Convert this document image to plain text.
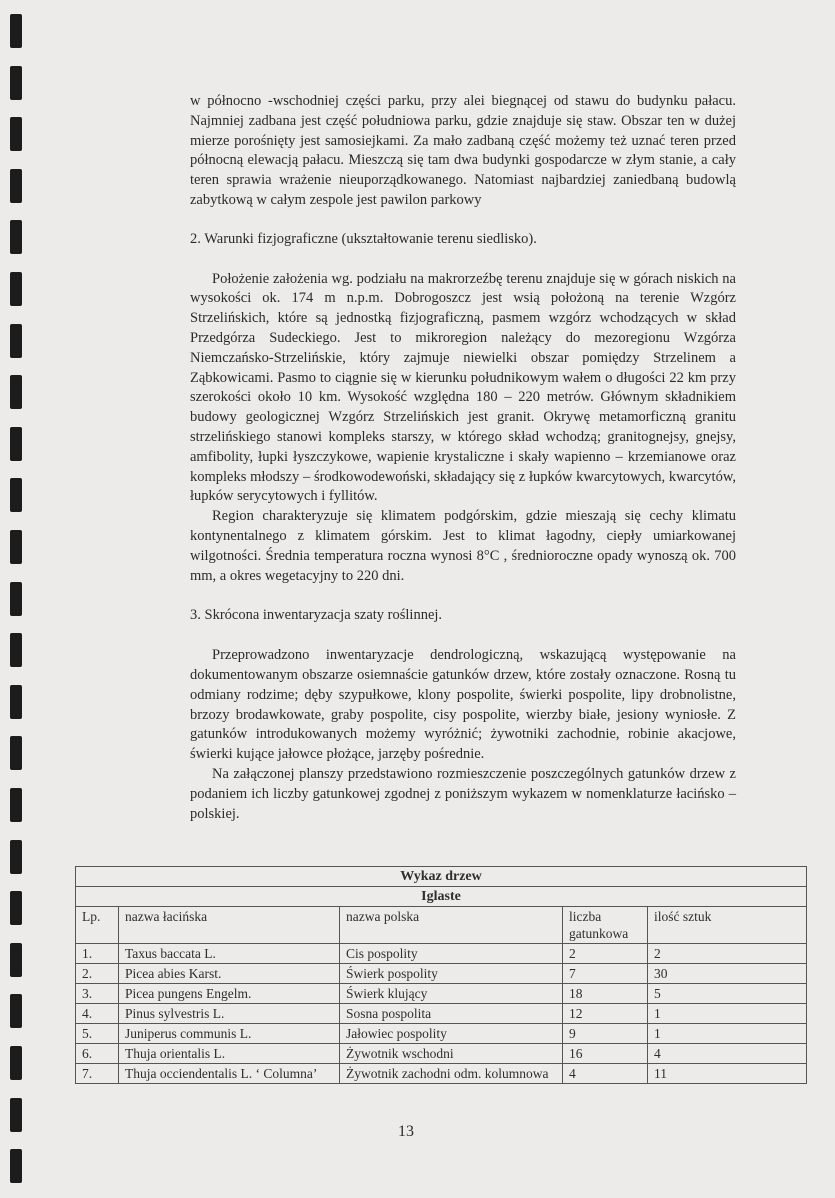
w północno -wschodniej części parku, przy alei biegnącej od stawu do budynku pałacu. Najmniej zadbana jest część południowa parku, gdzie znajduje się staw. Obszar ten w dużej mierze porośnięty jest samosiejkami. Za mało zadbaną część możemy też uznać teren przed północną elewacją pałacu. Mieszczą się tam dwa budynki gospodarcze w złym stanie, a cały teren sprawia wrażenie nieuporządkowanego. Natomiast najbardziej zaniedbaną budowlą zabytkową w całym zespole jest pawilon parkowy

2. Warunki fizjograficzne (ukształtowanie terenu siedlisko).

Położenie założenia wg. podziału na makrorzeźbę terenu znajduje się w górach niskich na wysokości ok. 174 m n.p.m. Dobrogoszcz jest wsią położoną na terenie Wzgórz Strzelińskich, które są jednostką fizjograficzną, pasmem wzgórz wchodzących w skład Przedgórza Sudeckiego. Jest to mikroregion należący do mezoregionu Wzgórza Niemczańsko-Strzelińskie, który zajmuje niewielki obszar pomiędzy Strzelinem a Ząbkowicami. Pasmo to ciągnie się w kierunku południkowym wałem o długości 22 km przy szerokości około 10 km. Wysokość względna 180 – 220 metrów. Głównym składnikiem budowy geologicznej Wzgórz Strzelińskich jest granit. Okrywę metamorficzną granitu strzelińskiego stanowi kompleks starszy, w którego skład wchodzą; granitognejsy, gnejsy, amfibolity, łupki łyszczykowe, wapienie krystaliczne i skały wapienno – krzemianowe oraz kompleks młodszy – środkowodewoński, składający się z łupków kwarcytowych, kwarcytów, łupków serycytowych i fyllitów.

Region charakteryzuje się klimatem podgórskim, gdzie mieszają się cechy klimatu kontynentalnego z klimatem górskim. Jest to klimat łagodny, ciepły umiarkowanej wilgotności. Średnia temperatura roczna wynosi 8°C , średnioroczne opady wynoszą ok. 700 mm, a okres wegetacyjny to 220 dni.

3. Skrócona inwentaryzacja szaty roślinnej.

Przeprowadzono inwentaryzacje dendrologiczną, wskazującą występowanie na dokumentowanym obszarze osiemnaście gatunków drzew, które zostały oznaczone. Rosną tu odmiany rodzime; dęby szypułkowe, klony pospolite, świerki pospolite, lipy drobnolistne, brzozy brodawkowate, graby pospolite, cisy pospolite, wierzby białe, jesiony wyniosłe. Z gatunków introdukowanych możemy wyróżnić; żywotniki zachodnie, robinie akacjowe, świerki kujące jałowce płożące, jarzęby pośrednie.

Na załączonej planszy przedstawiono rozmieszczenie poszczególnych gatunków drzew z podaniem ich liczby gatunkowej zgodnej z poniższym wykazem w nomenklaturze łacińsko – polskiej.

Wykaz drzew				
Iglaste				
Lp.	nazwa łacińska	nazwa polska	liczba gatunkowa	ilość sztuk
1.	Taxus baccata L.	Cis pospolity	2	2
2.	Picea abies Karst.	Świerk pospolity	7	30
3.	Picea pungens Engelm.	Świerk klujący	18	5
4.	Pinus sylvestris L.	Sosna pospolita	12	1
5.	Juniperus communis L.	Jałowiec pospolity	9	1
6.	Thuja orientalis L.	Żywotnik wschodni	16	4
7.	Thuja occiendentalis L. ‘ Columna’	Żywotnik zachodni odm. kolumnowa	4	11
13
